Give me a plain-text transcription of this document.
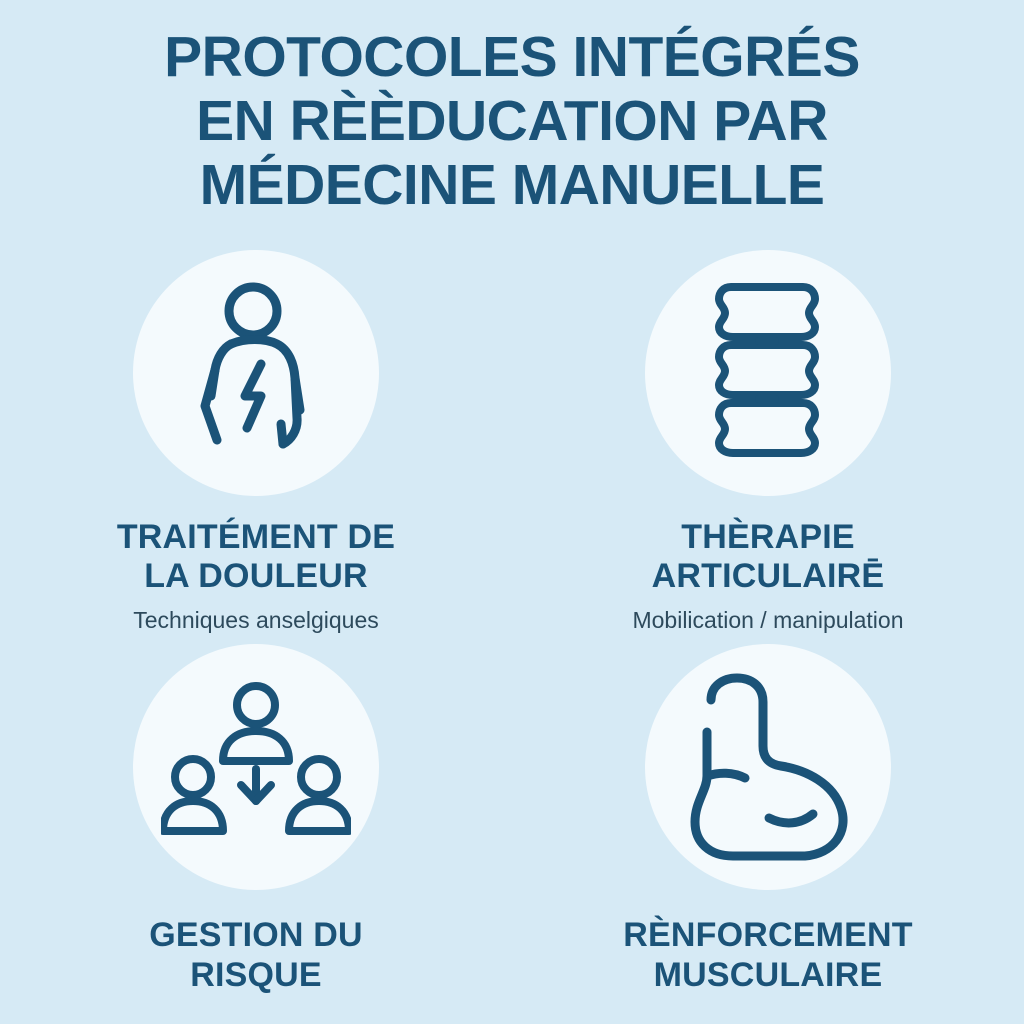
PROTOCOLES INTÉGRÉS
EN RÈÈDUCATION PAR
MÉDECINE MANUELLE
TRAITÉMENT DE
LA DOULEUR
Techniques anselgiques
THÈRAPIE
ARTICULAIRĒ
Mobilication / manipulation
GESTION DU
RISQUE
RÈNFORCEMENT
MUSCULAIRE
